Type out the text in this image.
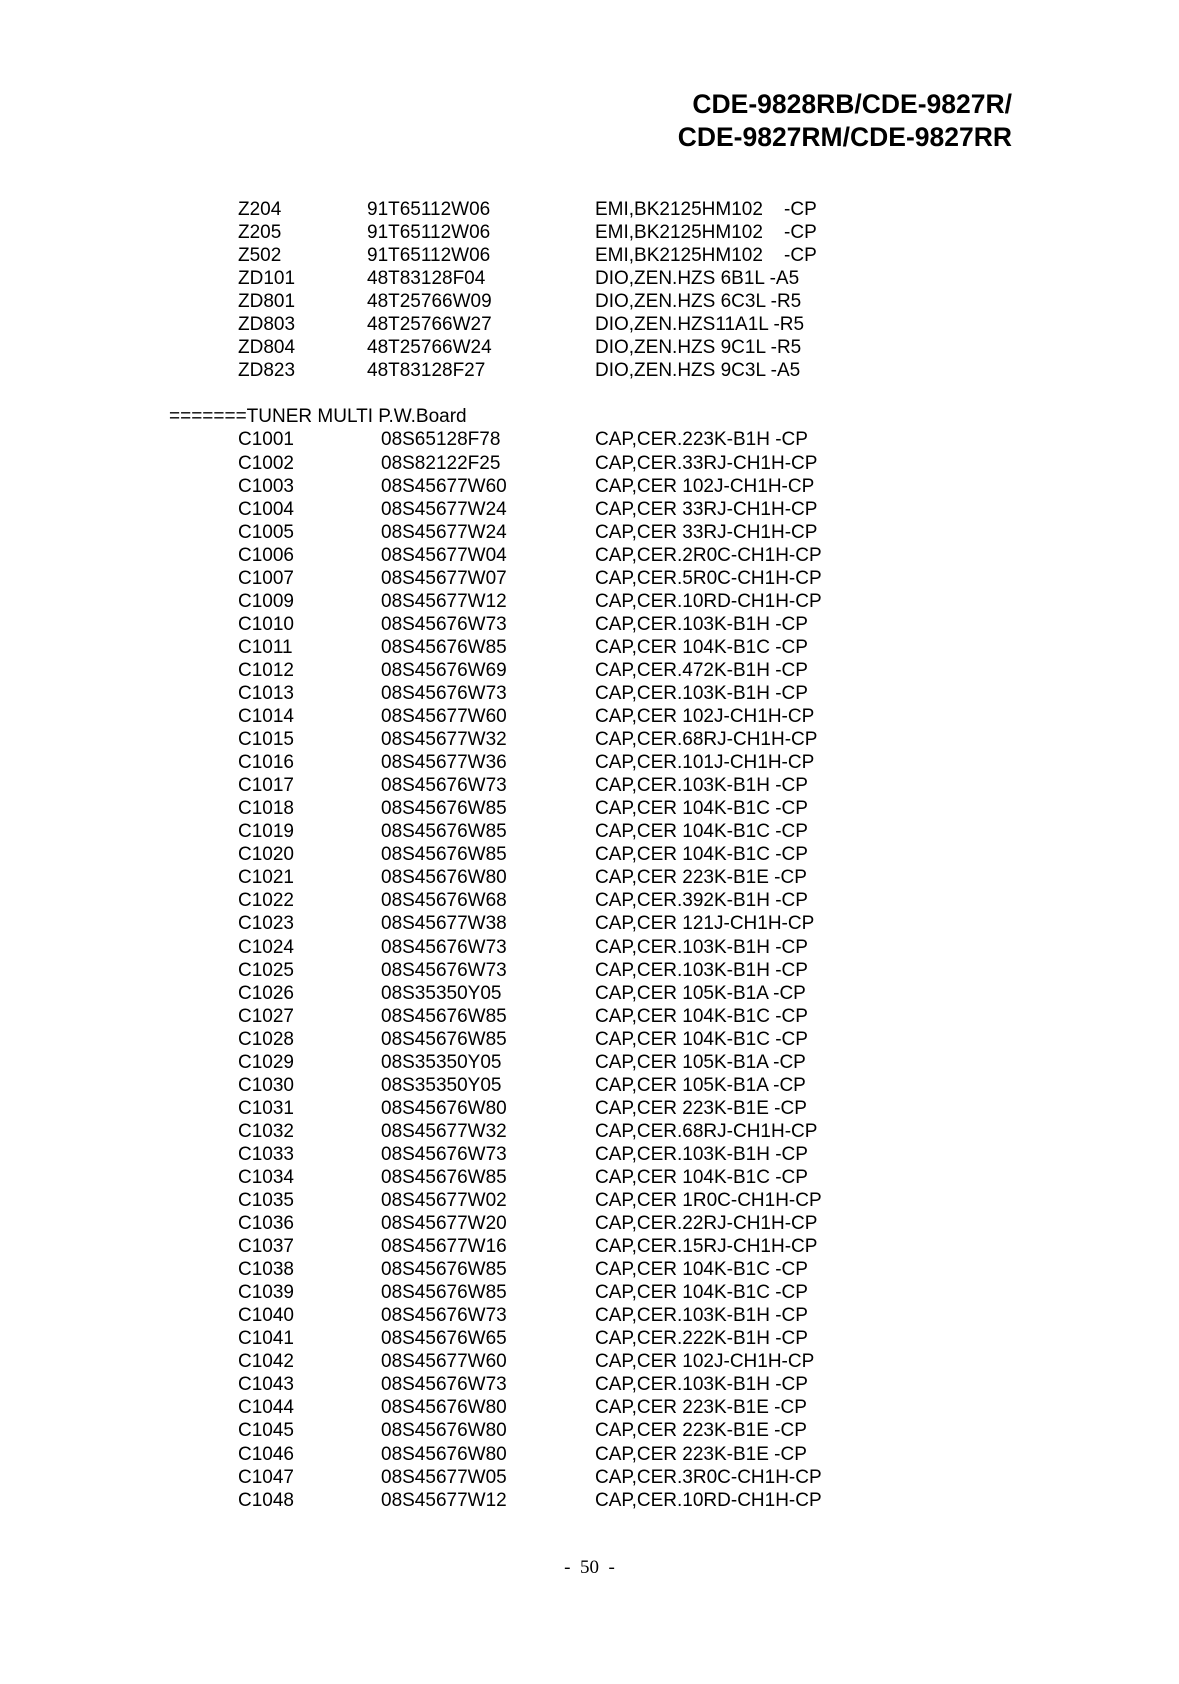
CDE-9828RB/CDE-9827R/
CDE-9827RM/CDE-9827RR
Z204	91T65112W06	EMI,BK2125HM102    -CP
Z205	91T65112W06	EMI,BK2125HM102    -CP
Z502	91T65112W06	EMI,BK2125HM102    -CP
ZD101	48T83128F04	DIO,ZEN.HZS 6B1L -A5
ZD801	48T25766W09	DIO,ZEN.HZS 6C3L -R5
ZD803	48T25766W27	DIO,ZEN.HZS11A1L -R5
ZD804	48T25766W24	DIO,ZEN.HZS 9C1L -R5
ZD823	48T83128F27	DIO,ZEN.HZS 9C3L -A5
=======TUNER MULTI P.W.Board
C1001	08S65128F78	CAP,CER.223K-B1H -CP
C1002	08S82122F25	CAP,CER.33RJ-CH1H-CP
C1003	08S45677W60	CAP,CER 102J-CH1H-CP
C1004	08S45677W24	CAP,CER 33RJ-CH1H-CP
C1005	08S45677W24	CAP,CER 33RJ-CH1H-CP
C1006	08S45677W04	CAP,CER.2R0C-CH1H-CP
C1007	08S45677W07	CAP,CER.5R0C-CH1H-CP
C1009	08S45677W12	CAP,CER.10RD-CH1H-CP
C1010	08S45676W73	CAP,CER.103K-B1H -CP
C1011	08S45676W85	CAP,CER 104K-B1C -CP
C1012	08S45676W69	CAP,CER.472K-B1H -CP
C1013	08S45676W73	CAP,CER.103K-B1H -CP
C1014	08S45677W60	CAP,CER 102J-CH1H-CP
C1015	08S45677W32	CAP,CER.68RJ-CH1H-CP
C1016	08S45677W36	CAP,CER.101J-CH1H-CP
C1017	08S45676W73	CAP,CER.103K-B1H -CP
C1018	08S45676W85	CAP,CER 104K-B1C -CP
C1019	08S45676W85	CAP,CER 104K-B1C -CP
C1020	08S45676W85	CAP,CER 104K-B1C -CP
C1021	08S45676W80	CAP,CER 223K-B1E -CP
C1022	08S45676W68	CAP,CER.392K-B1H -CP
C1023	08S45677W38	CAP,CER 121J-CH1H-CP
C1024	08S45676W73	CAP,CER.103K-B1H -CP
C1025	08S45676W73	CAP,CER.103K-B1H -CP
C1026	08S35350Y05	CAP,CER 105K-B1A -CP
C1027	08S45676W85	CAP,CER 104K-B1C -CP
C1028	08S45676W85	CAP,CER 104K-B1C -CP
C1029	08S35350Y05	CAP,CER 105K-B1A -CP
C1030	08S35350Y05	CAP,CER 105K-B1A -CP
C1031	08S45676W80	CAP,CER 223K-B1E -CP
C1032	08S45677W32	CAP,CER.68RJ-CH1H-CP
C1033	08S45676W73	CAP,CER.103K-B1H -CP
C1034	08S45676W85	CAP,CER 104K-B1C -CP
C1035	08S45677W02	CAP,CER 1R0C-CH1H-CP
C1036	08S45677W20	CAP,CER.22RJ-CH1H-CP
C1037	08S45677W16	CAP,CER.15RJ-CH1H-CP
C1038	08S45676W85	CAP,CER 104K-B1C -CP
C1039	08S45676W85	CAP,CER 104K-B1C -CP
C1040	08S45676W73	CAP,CER.103K-B1H -CP
C1041	08S45676W65	CAP,CER.222K-B1H -CP
C1042	08S45677W60	CAP,CER 102J-CH1H-CP
C1043	08S45676W73	CAP,CER.103K-B1H -CP
C1044	08S45676W80	CAP,CER 223K-B1E -CP
C1045	08S45676W80	CAP,CER 223K-B1E -CP
C1046	08S45676W80	CAP,CER 223K-B1E -CP
C1047	08S45677W05	CAP,CER.3R0C-CH1H-CP
C1048	08S45677W12	CAP,CER.10RD-CH1H-CP
-  50  -
